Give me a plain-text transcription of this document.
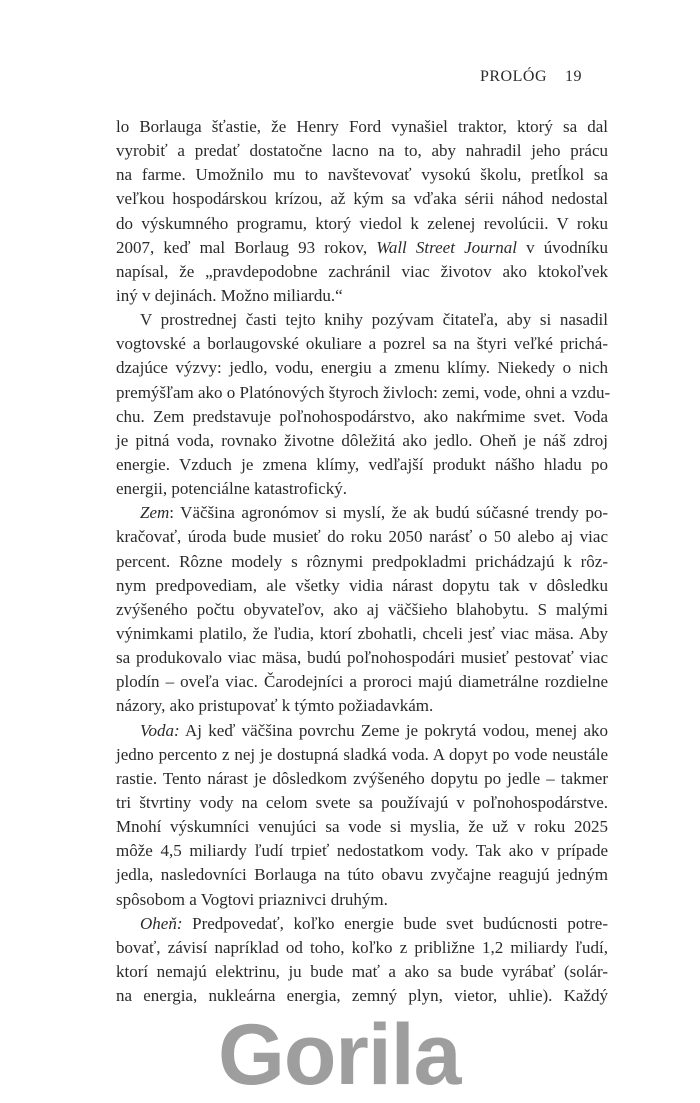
PROLÓG 19
lo Borlauga šťastie, že Henry Ford vynašiel traktor, ktorý sa dal
vyrobiť a predať dostatočne lacno na to, aby nahradil jeho prácu
na farme. Umožnilo mu to navštevovať vysokú školu, pretĺkol sa
veľkou hospodárskou krízou, až kým sa vďaka sérii náhod nedostal
do výskumného programu, ktorý viedol k zelenej revolúcii. V roku
2007, keď mal Borlaug 93 rokov, Wall Street Journal v úvodníku
napísal, že „pravdepodobne zachránil viac životov ako ktokoľvek
iný v dejinách. Možno miliardu.“
V prostrednej časti tejto knihy pozývam čitateľa, aby si nasadil
vogtovské a borlaugovské okuliare a pozrel sa na štyri veľké prichá-
dzajúce výzvy: jedlo, vodu, energiu a zmenu klímy. Niekedy o nich
premýšľam ako o Platónových štyroch živloch: zemi, vode, ohni a vzdu-
chu. Zem predstavuje poľnohospodárstvo, ako nakŕmime svet. Voda
je pitná voda, rovnako životne dôležitá ako jedlo. Oheň je náš zdroj
energie. Vzduch je zmena klímy, vedľajší produkt nášho hladu po
energii, potenciálne katastrofický.
Zem: Väčšina agronómov si myslí, že ak budú súčasné trendy po-
kračovať, úroda bude musieť do roku 2050 narásť o 50 alebo aj viac
percent. Rôzne modely s rôznymi predpokladmi prichádzajú k rôz-
nym predpovediam, ale všetky vidia nárast dopytu tak v dôsledku
zvýšeného počtu obyvateľov, ako aj väčšieho blahobytu. S malými
výnimkami platilo, že ľudia, ktorí zbohatli, chceli jesť viac mäsa. Aby
sa produkovalo viac mäsa, budú poľnohospodári musieť pestovať viac
plodín – oveľa viac. Čarodejníci a proroci majú diametrálne rozdielne
názory, ako pristupovať k týmto požiadavkám.
Voda: Aj keď väčšina povrchu Zeme je pokrytá vodou, menej ako
jedno percento z nej je dostupná sladká voda. A dopyt po vode neustále
rastie. Tento nárast je dôsledkom zvýšeného dopytu po jedle – takmer
tri štvrtiny vody na celom svete sa používajú v poľnohospodárstve.
Mnohí výskumníci venujúci sa vode si myslia, že už v roku 2025
môže 4,5 miliardy ľudí trpieť nedostatkom vody. Tak ako v prípade
jedla, nasledovníci Borlauga na túto obavu zvyčajne reagujú jedným
spôsobom a Vogtovi priaznivci druhým.
Oheň: Predpovedať, koľko energie bude svet budúcnosti potre-
bovať, závisí napríklad od toho, koľko z približne 1,2 miliardy ľudí,
ktorí nemajú elektrinu, ju bude mať a ako sa bude vyrábať (solár-
na energia, nukleárna energia, zemný plyn, vietor, uhlie). Každý
Gorila
